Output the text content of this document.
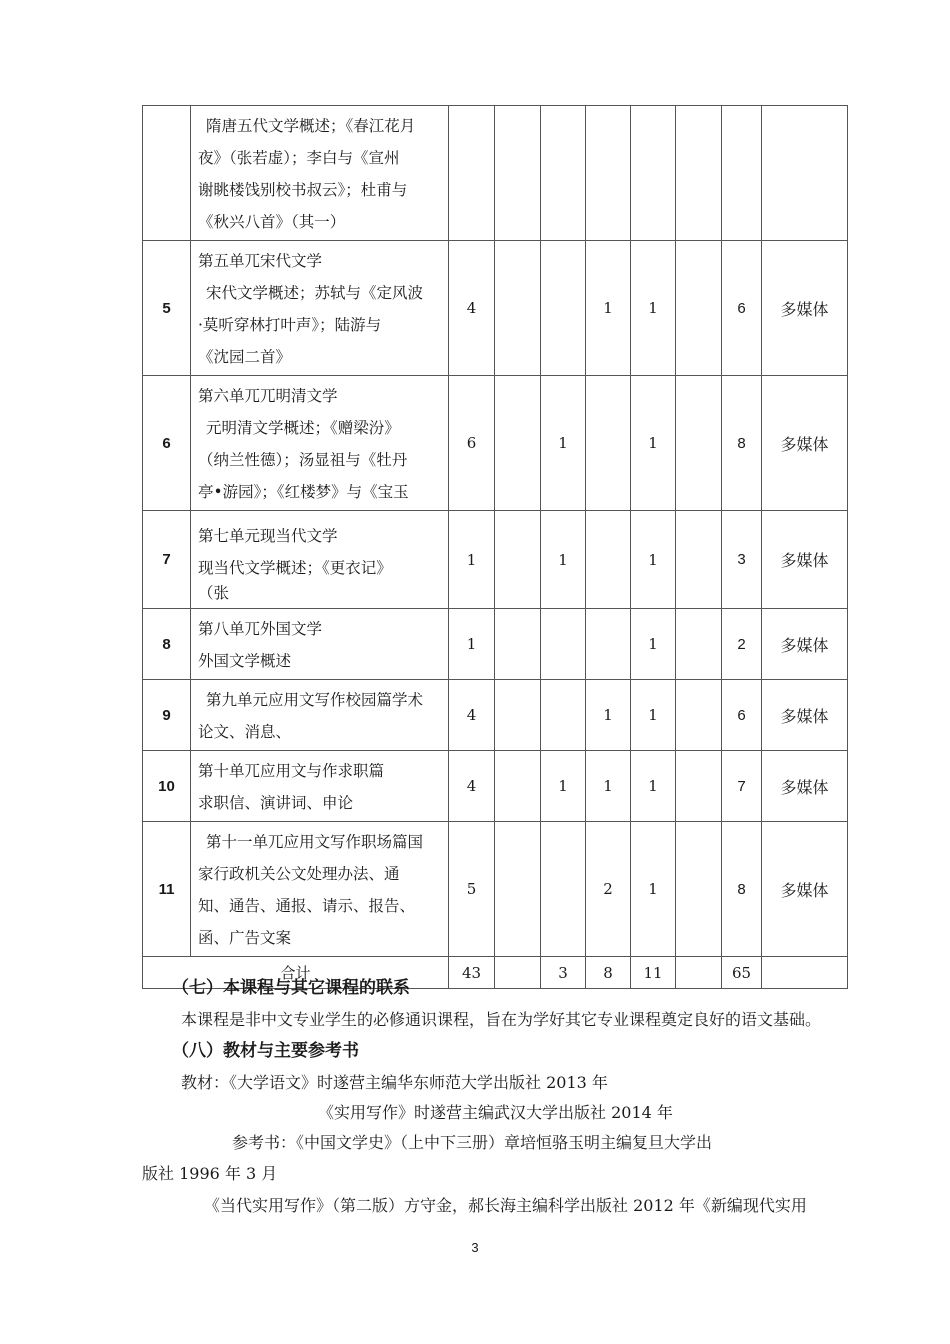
	隋唐五代文学概述；《春江花月
夜》（张若虚）；李白与《宣州
谢眺楼饯别校书叔云》；杜甫与
《秋兴八首》（其一）								

5	第五单兀宋代文学
宋代文学概述；苏轼与《定风波
·莫听穿林打叶声》；陆游与
《沈园二首》	4			1	1		6	多媒体
6	第六单兀兀明清文学
元明清文学概述；《赠梁汾》
（纳兰性德）；汤显祖与《牡丹
亭•游园》；《红楼梦》与《宝玉	6		1		1		8	多媒体
7	第七单元现当代文学
现当代文学概述；《更衣记》
（张	1		1		1		3	多媒体
8	第八单兀外国文学
外国文学概述	1				1		2	多媒体
9	第九单元应用文写作校园篇学术
论文、消息、	4			1	1		6	多媒体
10	第十单兀应用文与作求职篇
求职信、演讲词、申论	4		1	1	1		7	多媒体
11	第十一单兀应用文写作职场篇国
家行政机关公文处理办法、通
知、通告、通报、请示、报告、
函、广告文案	5			2	1		8	多媒体
合计		43		3	8	11		65	
（七）本课程与其它课程的联系
本课程是非中文专业学生的必修通识课程，旨在为学好其它专业课程奠定良好的语文基础。
（八）教材与主要参考书
教材：《大学语文》时遂营主编华东师范大学出版社 2013 年
《实用写作》时遂营主编武汉大学出版社 2014 年
参考书：《中国文学史》（上中下三册）章培恒骆玉明主编复旦大学出
版社 1996 年 3 月
《当代实用写作》（第二版）方守金，郝长海主编科学出版社 2012 年《新编现代实用
3
